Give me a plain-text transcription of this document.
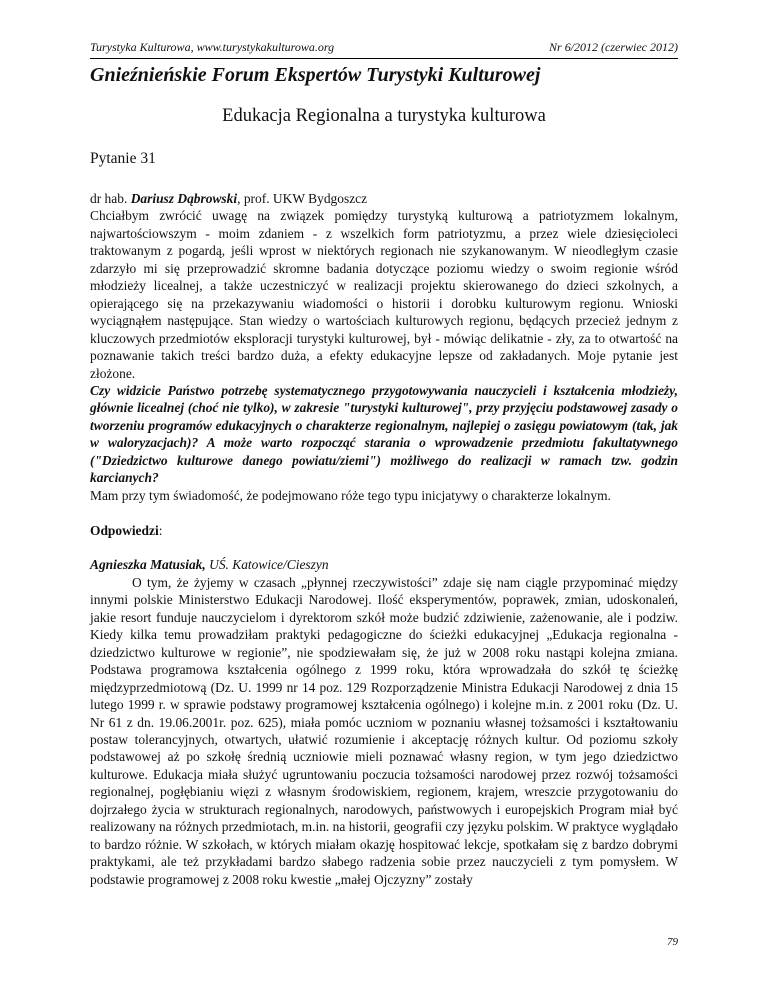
Turystyka Kulturowa, www.turystykakulturowa.org	Nr 6/2012 (czerwiec 2012)
Gnieźnieńskie Forum Ekspertów Turystyki Kulturowej
Edukacja Regionalna a turystyka kulturowa
Pytanie 31

dr hab. Dariusz Dąbrowski, prof. UKW Bydgoszcz

Chciałbym zwrócić uwagę na związek pomiędzy turystyką kulturową a patriotyzmem lokalnym, najwartościowszym - moim zdaniem - z wszelkich form patriotyzmu, a przez wiele dziesięcioleci traktowanym z pogardą, jeśli wprost w niektórych regionach nie szykanowanym. W nieodległym czasie zdarzyło mi się przeprowadzić skromne badania dotyczące poziomu wiedzy o swoim regionie wśród młodzieży licealnej, a także uczestniczyć w realizacji projektu skierowanego do dzieci szkolnych, a opierającego się na przekazywaniu wiadomości o historii i dorobku kulturowym regionu. Wnioski wyciągnąłem następujące. Stan wiedzy o wartościach kulturowych regionu, będących przecież jednym z kluczowych przedmiotów eksploracji turystyki kulturowej, był - mówiąc delikatnie - zły, za to otwartość na poznawanie takich treści bardzo duża, a efekty edukacyjne lepsze od zakładanych. Moje pytanie jest złożone.

Czy widzicie Państwo potrzebę systematycznego przygotowywania nauczycieli i kształcenia młodzieży, głównie licealnej (choć nie tylko), w zakresie "turystyki kulturowej", przy przyjęciu podstawowej zasady o tworzeniu programów edukacyjnych o charakterze regionalnym, najlepiej o zasięgu powiatowym (tak, jak w waloryzacjach)? A może warto rozpocząć starania o wprowadzenie przedmiotu fakultatywnego ("Dziedzictwo kulturowe danego powiatu/ziemi") możliwego do realizacji w ramach tzw. godzin karcianych?

Mam przy tym świadomość, że podejmowano róże tego typu inicjatywy o charakterze lokalnym.

Odpowiedzi:

Agnieszka Matusiak, UŚ. Katowice/Cieszyn

O tym, że żyjemy w czasach „płynnej rzeczywistości” zdaje się nam ciągle przypominać między innymi polskie Ministerstwo Edukacji Narodowej. Ilość eksperymentów, poprawek, zmian, udoskonaleń, jakie resort funduje nauczycielom i dyrektorom szkół może budzić zdziwienie, zażenowanie, ale i podziw. Kiedy kilka temu prowadziłam praktyki pedagogiczne do ścieżki edukacyjnej „Edukacja regionalna - dziedzictwo kulturowe w regionie”, nie spodziewałam się, że już w 2008 roku nastąpi kolejna zmiana. Podstawa programowa kształcenia ogólnego z 1999 roku, która wprowadzała do szkół tę ścieżkę międzyprzedmiotową (Dz. U. 1999 nr 14 poz. 129 Rozporządzenie Ministra Edukacji Narodowej z dnia 15 lutego 1999 r. w sprawie podstawy programowej kształcenia ogólnego) i kolejne m.in. z 2001 roku (Dz. U. Nr 61 z dn. 19.06.2001r. poz. 625), miała pomóc uczniom w poznaniu własnej tożsamości i kształtowaniu postaw tolerancyjnych, otwartych, ułatwić rozumienie i akceptację różnych kultur. Od poziomu szkoły podstawowej aż po szkołę średnią uczniowie mieli poznawać własny region, w tym jego dziedzictwo kulturowe. Edukacja miała służyć ugruntowaniu poczucia tożsamości narodowej przez rozwój tożsamości regionalnej, pogłębianiu więzi z własnym środowiskiem, regionem, krajem, wreszcie przygotowaniu do dojrzałego życia w strukturach regionalnych, narodowych, państwowych i europejskich Program miał być realizowany na różnych przedmiotach, m.in. na historii, geografii czy języku polskim. W praktyce wyglądało to bardzo różnie. W szkołach, w których miałam okazję hospitować lekcje, spotkałam się z bardzo dobrymi praktykami, ale też przykładami bardzo słabego radzenia sobie przez nauczycieli z tym pomysłem. W podstawie programowej z 2008 roku kwestie „małej Ojczyzny” zostały

79
